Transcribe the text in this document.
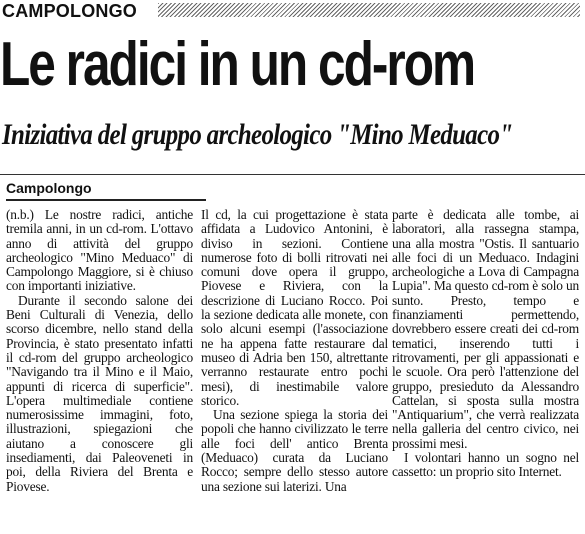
CAMPOLONGO
Le radici in un cd-rom
Iniziativa del gruppo archeologico "Mino Meduaco"
Campolongo

(n.b.) Le nostre radici, antiche tremila anni, in un cd-rom. L'ottavo anno di attività del gruppo archeologico "Mino Meduaco" di Campolongo Maggiore, si è chiuso con importanti iniziative.

Durante il secondo salone dei Beni Culturali di Venezia, dello scorso dicembre, nello stand della Provincia, è stato presentato infatti il cd-rom del gruppo archeologico "Navigando tra il Mino e il Maio, appunti di ricerca di superficie". L'opera multimediale contiene numerosissime immagini, foto, illustrazioni, spiegazioni che aiutano a conoscere gli insediamenti, dai Paleoveneti in poi, della Riviera del Brenta e Piovese.

Il cd, la cui progettazione è stata affidata a Ludovico Antonini, è diviso in sezioni. Contiene numerose foto di bolli ritrovati nei comuni dove opera il gruppo, Piovese e Riviera, con la descrizione di Luciano Rocco. Poi la sezione dedicata alle monete, con solo alcuni esempi (l'associazione ne ha appena fatte restaurare dal museo di Adria ben 150, altrettante verranno restaurate entro pochi mesi), di inestimabile valore storico.

Una sezione spiega la storia dei popoli che hanno civilizzato le terre alle foci dell' antico Brenta (Meduaco) curata da Luciano Rocco; sempre dello stesso autore una sezione sui laterizi. Una

parte è dedicata alle tombe, ai laboratori, alla rassegna stampa, una alla mostra "Ostis. Il santuario alle foci di un Meduaco. Indagini archeologiche a Lova di Campagna Lupia". Ma questo cd-rom è solo un sunto. Presto, tempo e finanziamenti permettendo, dovrebbero essere creati dei cd-rom tematici, inserendo tutti i ritrovamenti, per gli appassionati e le scuole. Ora però l'attenzione del gruppo, presieduto da Alessandro Cattelan, si sposta sulla mostra "Antiquarium", che verrà realizzata nella galleria del centro civico, nei prossimi mesi.

I volontari hanno un sogno nel cassetto: un proprio sito Internet.
